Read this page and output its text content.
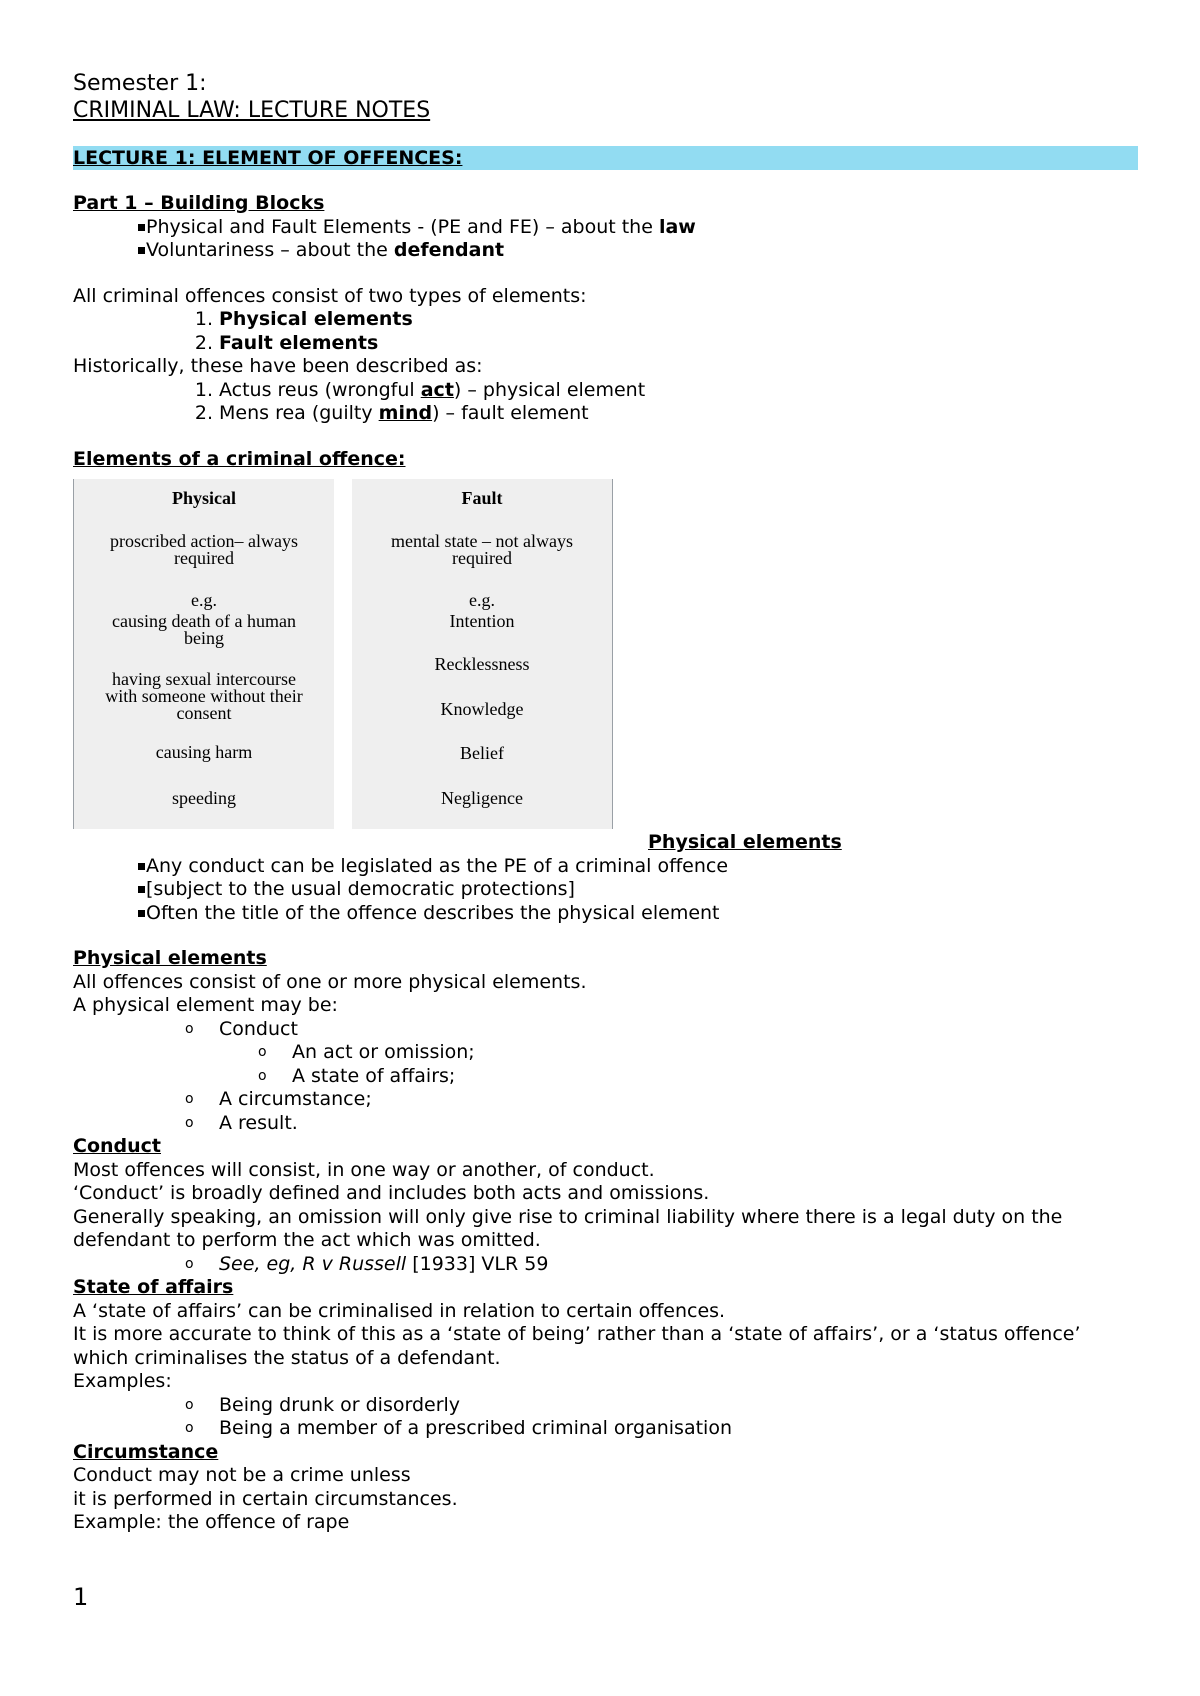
Semester 1:
CRIMINAL LAW: LECTURE NOTES
LECTURE 1: ELEMENT OF OFFENCES:
Part 1 – Building Blocks
Physical and Fault Elements - (PE and FE) – about the law
Voluntariness – about the defendant
All criminal offences consist of two types of elements:
1. Physical elements
2. Fault elements
Historically, these have been described as:
1. Actus reus (wrongful act) – physical element
2. Mens rea (guilty mind) – fault element
Elements of a criminal offence:
Physical
proscribed action– always
required
e.g.
causing death of a human
being
having sexual intercourse
with someone without their
consent
causing harm
speeding
Fault
mental state – not always
required
e.g.
Intention
Recklessness
Knowledge
Belief
Negligence
Physical elements
Any conduct can be legislated as the PE of a criminal offence
[subject to the usual democratic protections]
Often the title of the offence describes the physical element
Physical elements
All offences consist of one or more physical elements.
A physical element may be:
o Conduct
o An act or omission;
o A state of affairs;
o A circumstance;
o A result.
Conduct
Most offences will consist, in one way or another, of conduct.
‘Conduct’ is broadly defined and includes both acts and omissions.
Generally speaking, an omission will only give rise to criminal liability where there is a legal duty on the defendant to perform the act which was omitted.
o See, eg, R v Russell [1933] VLR 59
State of affairs
A ‘state of affairs’ can be criminalised in relation to certain offences.
It is more accurate to think of this as a ‘state of being’ rather than a ‘state of affairs’, or a ‘status offence’ which criminalises the status of a defendant.
Examples:
o Being drunk or disorderly
o Being a member of a prescribed criminal organisation
Circumstance
Conduct may not be a crime unless
it is performed in certain circumstances.
Example: the offence of rape
1
